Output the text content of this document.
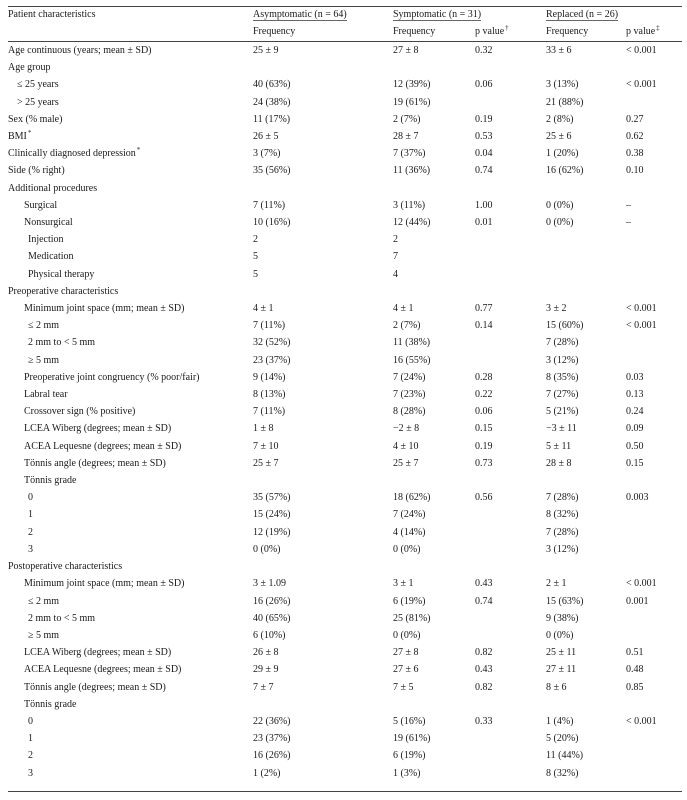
Patient characteristics	Asymptomatic (n = 64)	Symptomatic (n = 31)		Replaced (n = 26)	
	Frequency	Frequency	p value†	Frequency	p value‡
Age continuous (years; mean ± SD)	25 ± 9	27 ± 8	0.32	33 ± 6	< 0.001
Age group					
≤ 25 years	40 (63%)	12 (39%)	0.06	3 (13%)	< 0.001
> 25 years	24 (38%)	19 (61%)		21 (88%)	
Sex (% male)	11 (17%)	2 (7%)	0.19	2 (8%)	0.27
BMI*	26 ± 5	28 ± 7	0.53	25 ± 6	0.62
Clinically diagnosed depression*	3 (7%)	7 (37%)	0.04	1 (20%)	0.38
Side (% right)	35 (56%)	11 (36%)	0.74	16 (62%)	0.10
Additional procedures					
Surgical	7 (11%)	3 (11%)	1.00	0 (0%)	–
Nonsurgical	10 (16%)	12 (44%)	0.01	0 (0%)	–
Injection	2	2			
Medication	5	7			
Physical therapy	5	4			
Preoperative characteristics					
Minimum joint space (mm; mean ± SD)	4 ± 1	4 ± 1	0.77	3 ± 2	< 0.001
≤ 2 mm	7 (11%)	2 (7%)	0.14	15 (60%)	< 0.001
2 mm to < 5 mm	32 (52%)	11 (38%)		7 (28%)	
≥ 5 mm	23 (37%)	16 (55%)		3 (12%)	
Preoperative joint congruency (% poor/fair)	9 (14%)	7 (24%)	0.28	8 (35%)	0.03
Labral tear	8 (13%)	7 (23%)	0.22	7 (27%)	0.13
Crossover sign (% positive)	7 (11%)	8 (28%)	0.06	5 (21%)	0.24
LCEA Wiberg (degrees; mean ± SD)	1 ± 8	−2 ± 8	0.15	−3 ± 11	0.09
ACEA Lequesne (degrees; mean ± SD)	7 ± 10	4 ± 10	0.19	5 ± 11	0.50
Tönnis angle (degrees; mean ± SD)	25 ± 7	25 ± 7	0.73	28 ± 8	0.15
Tönnis grade					
0	35 (57%)	18 (62%)	0.56	7 (28%)	0.003
1	15 (24%)	7 (24%)		8 (32%)	
2	12 (19%)	4 (14%)		7 (28%)	
3	0 (0%)	0 (0%)		3 (12%)	
Postoperative characteristics					
Minimum joint space (mm; mean ± SD)	3 ± 1.09	3 ± 1	0.43	2 ± 1	< 0.001
≤ 2 mm	16 (26%)	6 (19%)	0.74	15 (63%)	0.001
2 mm to < 5 mm	40 (65%)	25 (81%)		9 (38%)	
≥ 5 mm	6 (10%)	0 (0%)		0 (0%)	
LCEA Wiberg (degrees; mean ± SD)	26 ± 8	27 ± 8	0.82	25 ± 11	0.51
ACEA Lequesne (degrees; mean ± SD)	29 ± 9	27 ± 6	0.43	27 ± 11	0.48
Tönnis angle (degrees; mean ± SD)	7 ± 7	7 ± 5	0.82	8 ± 6	0.85
Tönnis grade					
0	22 (36%)	5 (16%)	0.33	1 (4%)	< 0.001
1	23 (37%)	19 (61%)		5 (20%)	
2	16 (26%)	6 (19%)		11 (44%)	
3	1 (2%)	1 (3%)		8 (32%)	
